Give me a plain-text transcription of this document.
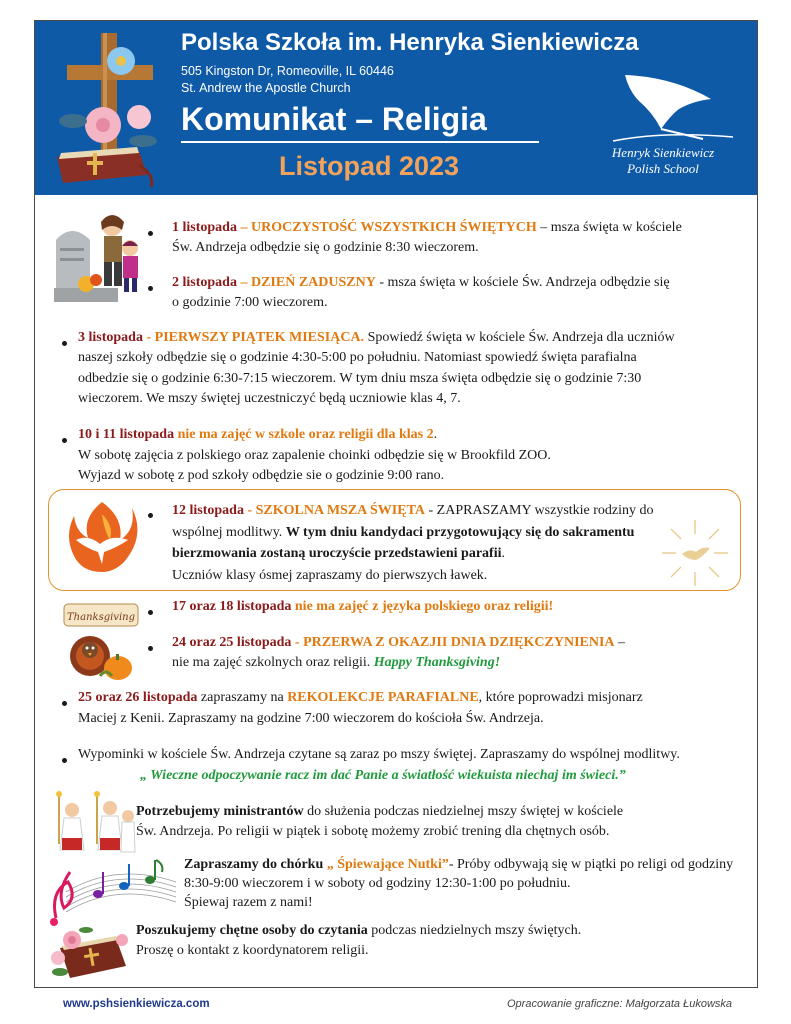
Polska Szkoła im. Henryka Sienkiewicza
505 Kingston Dr, Romeoville, IL 60446
St. Andrew the Apostle Church
Komunikat – Religia
Listopad 2023	Henryk Sienkiewicz
Polish School
1 listopada – UROCZYSTOŚĆ WSZYSTKICH ŚWIĘTYCH – msza święta w kościele
Św. Andrzeja odbędzie się o godzinie 8:30 wieczorem.
2 listopada – DZIEŃ ZADUSZNY - msza święta w kościele Św. Andrzeja odbędzie się
o godzinie 7:00 wieczorem.
3 listopada - PIERWSZY PIĄTEK MIESIĄCA. Spowiedź święta w kościele Św. Andrzeja dla uczniów
naszej szkoły odbędzie się o godzinie 4:30-5:00 po południu. Natomiast spowiedź święta parafialna
odbedzie się o godzinie 6:30-7:15 wieczorem. W tym dniu msza święta odbędzie się o godzinie 7:30
wieczorem. We mszy świętej uczestniczyć będą uczniowie klas 4, 7.
10 i 11 listopada nie ma zajęć w szkole oraz religii dla klas 2.
W sobotę zajęcia z polskiego oraz zapalenie choinki odbędzie się w Brookfild ZOO.
Wyjazd w sobotę z pod szkoły odbędzie sie o godzinie 9:00 rano.
12 listopada - SZKOLNA MSZA ŚWIĘTA - ZAPRASZAMY wszystkie rodziny do
wspólnej modlitwy. W tym dniu kandydaci przygotowujący się do sakramentu
bierzmowania zostaną uroczyście przedstawieni parafii.
Uczniów klasy ósmej zapraszamy do pierwszych ławek.
Thanksgiving
17 oraz 18 listopada nie ma zajęć z języka polskiego oraz religii!
24 oraz 25 listopada - PRZERWA Z OKAZJII DNIA DZIĘKCZYNIENIA –
nie ma zajęć szkolnych oraz religii. Happy Thanksgiving!
25 oraz 26 listopada zapraszamy na REKOLEKCJE PARAFIALNE, które poprowadzi misjonarz
Maciej z Kenii. Zapraszamy na godzine 7:00 wieczorem do kościoła Św. Andrzeja.
Wypominki w kościele Św. Andrzeja czytane są zaraz po mszy świętej. Zapraszamy do wspólnej modlitwy.
„ Wieczne odpoczywanie racz im dać Panie a światłość wiekuista niechaj im świeci.”
Potrzebujemy ministrantów do służenia podczas niedzielnej mszy świętej w kościele
Św. Andrzeja. Po religii w piątek i sobotę możemy zrobić trening dla chętnych osób.
Zapraszamy do chórku „ Śpiewające Nutki”- Próby odbywają się w piątki po religi od godziny
8:30-9:00 wieczorem i w soboty od godziny 12:30-1:00 po południu.
Śpiewaj razem z nami!
Poszukujemy chętne osoby do czytania podczas niedzielnych mszy świętych.
Proszę o kontakt z koordynatorem religii.
www.pshsienkiewicza.com	Opracowanie graficzne: Małgorzata Łukowska
